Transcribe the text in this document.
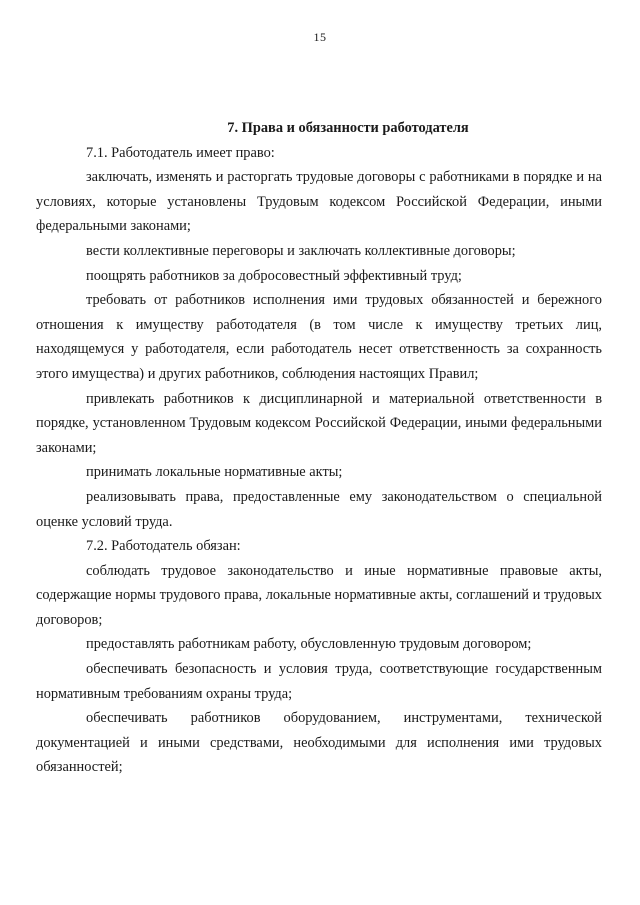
15

7. Права и обязанности работодателя

7.1. Работодатель имеет право:

заключать, изменять и расторгать трудовые договоры с работниками в порядке и на условиях, которые установлены Трудовым кодексом Российской Федерации, иными федеральными законами;

вести коллективные переговоры и заключать коллективные договоры;

поощрять работников за добросовестный эффективный труд;

требовать от работников исполнения ими трудовых обязанностей и бережного отношения к имуществу работодателя (в том числе к имуществу третьих лиц, находящемуся у работодателя, если работодатель несет ответственность за сохранность этого имущества) и других работников, соблюдения настоящих Правил;

привлекать работников к дисциплинарной и материальной ответственности в порядке, установленном Трудовым кодексом Российской Федерации, иными федеральными законами;

принимать локальные нормативные акты;

реализовывать права, предоставленные ему законодательством о специальной оценке условий труда.

7.2. Работодатель обязан:

соблюдать трудовое законодательство и иные нормативные правовые акты, содержащие нормы трудового права, локальные нормативные акты, соглашений и трудовых договоров;

предоставлять работникам работу, обусловленную трудовым договором;

обеспечивать безопасность и условия труда, соответствующие государственным нормативным требованиям охраны труда;

обеспечивать работников оборудованием, инструментами, технической документацией и иными средствами, необходимыми для исполнения ими трудовых обязанностей;
